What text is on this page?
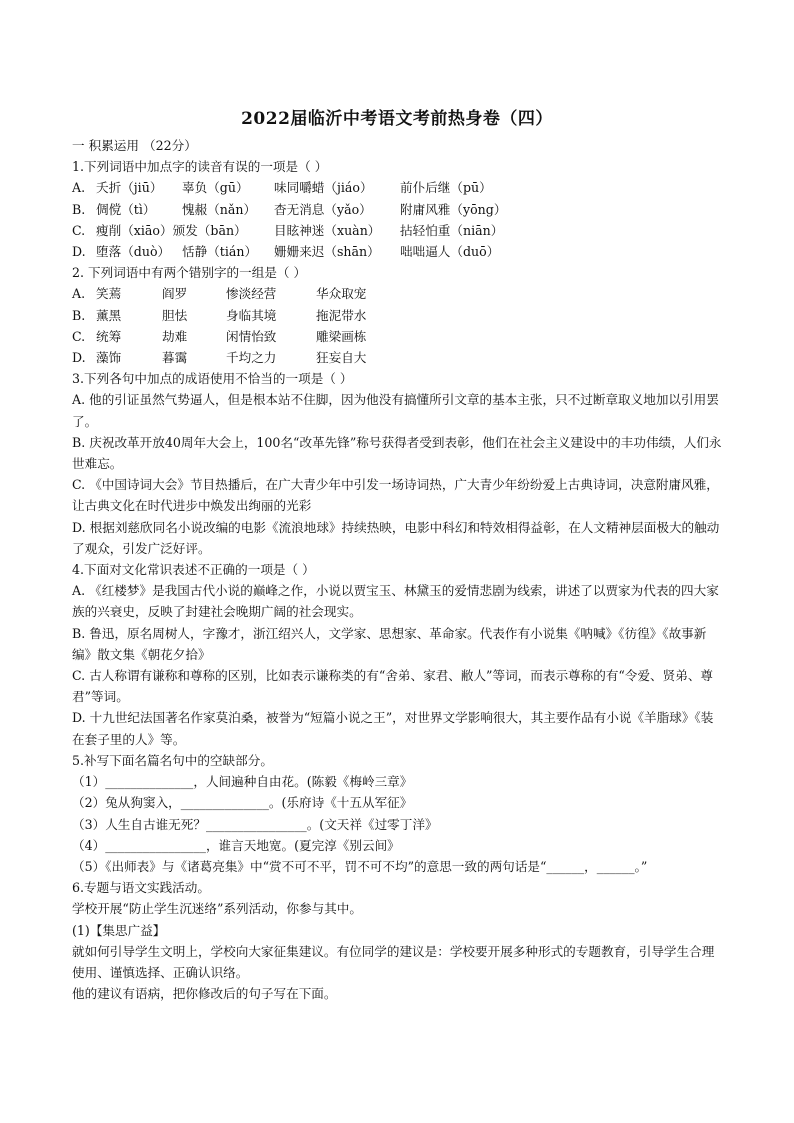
2022届临沂中考语文考前热身卷（四）
一 积累运用 （22分）
1.下列词语中加点字的读音有误的一项是（ ）
A. 夭折（jiū）	辜负（gū）	味同嚼蜡（jiáo）	前仆后继（pū）
B. 倜傥（tì）	愧赧（nǎn）	杳无消息（yǎo）	附庸风雅（yōng）
C. 瘦削（xiāo）颁发（bān）	目眩神迷（xuàn）	拈轻怕重（niān）
D. 堕落（duò） 恬静（tián）	姗姗来迟（shān）	咄咄逼人（duō）
2. 下列词语中有两个错别字的一组是（ ）
A. 笑蔫	阎罗	惨淡经营	华众取宠
B. 薰黑	胆怯	身临其境	拖泥带水
C. 统筹	劫难	闲情怡致	雕梁画栋
D. 藻饰	暮霭	千均之力	狂妄自大
3.下列各句中加点的成语使用不恰当的一项是（ ）
A. 他的引证虽然气势逼人，但是根本站不住脚，因为他没有搞懂所引文章的基本主张，只不过断章取义地加以引用罢了。
B. 庆祝改革开放40周年大会上，100名“改革先锋”称号获得者受到表彰，他们在社会主义建设中的丰功伟绩，人们永世难忘。
C. 《中国诗词大会》节目热播后，在广大青少年中引发一场诗词热，广大青少年纷纷爱上古典诗词，决意附庸风雅，让古典文化在时代进步中焕发出绚丽的光彩
D. 根据刘慈欣同名小说改编的电影《流浪地球》持续热映，电影中科幻和特效相得益彰，在人文精神层面极大的触动了观众，引发广泛好评。
4.下面对文化常识表述不正确的一项是（ ）
A. 《红楼梦》是我国古代小说的巅峰之作，小说以贾宝玉、林黛玉的爱情悲剧为线索，讲述了以贾家为代表的四大家族的兴衰史，反映了封建社会晚期广阔的社会现实。
B. 鲁迅，原名周树人，字豫才，浙江绍兴人，文学家、思想家、革命家。代表作有小说集《呐喊》《彷徨》《故事新编》散文集《朝花夕拾》
C. 古人称谓有谦称和尊称的区别，比如表示谦称类的有“舍弟、家君、敝人”等词，而表示尊称的有“令爱、贤弟、尊君”等词。
D. 十九世纪法国著名作家莫泊桑，被誉为“短篇小说之王”，对世界文学影响很大，其主要作品有小说《羊脂球》《装在套子里的人》等。
5.补写下面名篇名句中的空缺部分。
（1）______________，人间遍种自由花。(陈毅《梅岭三章》
（2）兔从狗窦入，______________。(乐府诗《十五从军征》
（3）人生自古谁无死？________________。(文天祥《过零丁洋》
（4）________________，谁言天地宽。(夏完淳《别云间》
（5）《出师表》与《诸葛亮集》中“赏不可不平，罚不可不均”的意思一致的两句话是“______，______。”
6.专题与语文实践活动。
学校开展“防止学生沉迷络”系列活动，你参与其中。
(1)【集思广益】
就如何引导学生文明上，学校向大家征集建议。有位同学的建议是：学校要开展多种形式的专题教育，引导学生合理使用、谨慎选择、正确认识络。
他的建议有语病，把你修改后的句子写在下面。
